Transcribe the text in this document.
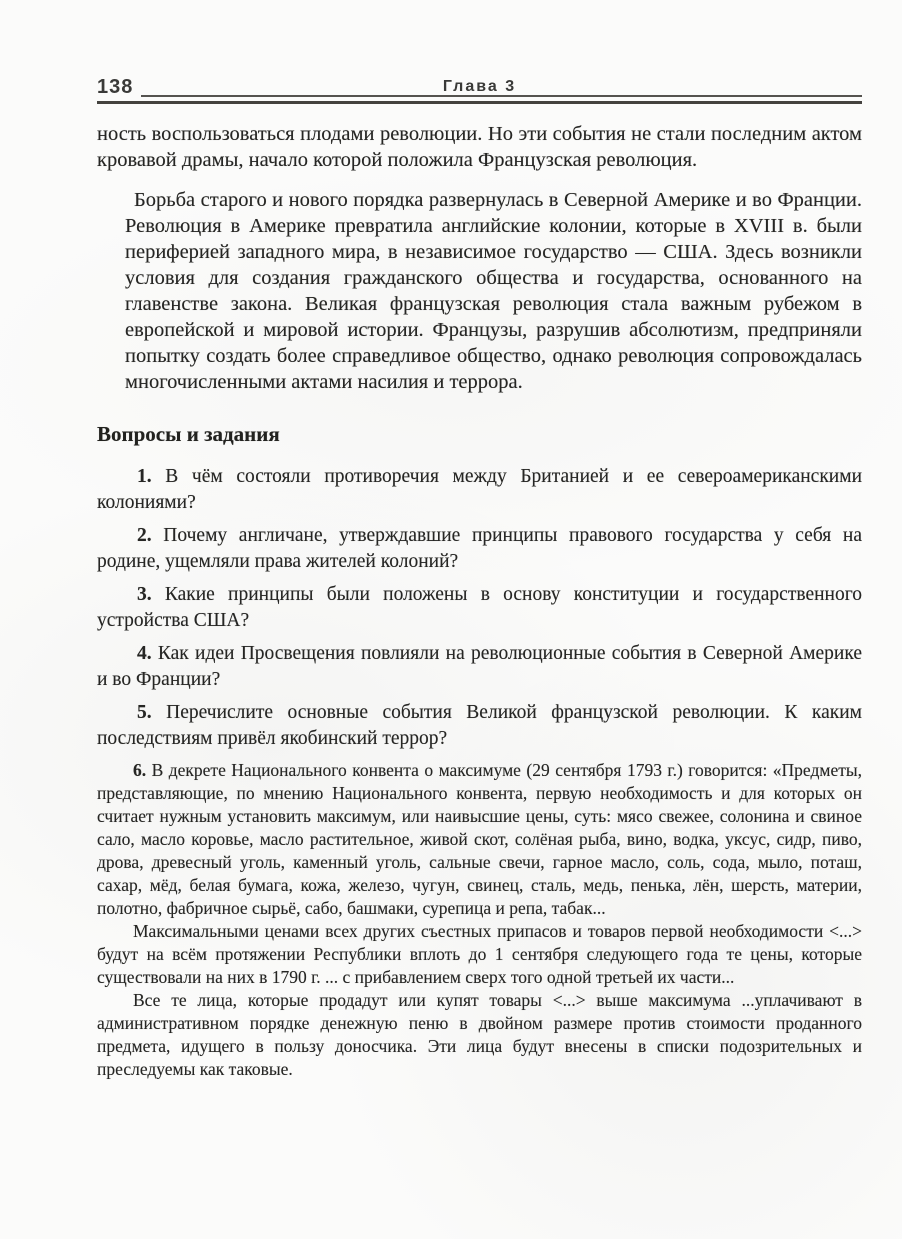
138	Глава 3

ность воспользоваться плодами революции. Но эти события не стали последним актом кровавой драмы, начало которой положила Французская революция.

Борьба старого и нового порядка развернулась в Северной Америке и во Франции. Революция в Америке превратила английские колонии, которые в XVIII в. были периферией западного мира, в независимое государство — США. Здесь возникли условия для создания гражданского общества и государства, основанного на главенстве закона. Великая французская революция стала важным рубежом в европейской и мировой истории. Французы, разрушив абсолютизм, предприняли попытку создать более справедливое общество, однако революция сопровождалась многочисленными актами насилия и террора.

Вопросы и задания

1. В чём состояли противоречия между Британией и ее североамериканскими колониями?

2. Почему англичане, утверждавшие принципы правового государства у себя на родине, ущемляли права жителей колоний?

3. Какие принципы были положены в основу конституции и государственного устройства США?

4. Как идеи Просвещения повлияли на революционные события в Северной Америке и во Франции?

5. Перечислите основные события Великой французской революции. К каким последствиям привёл якобинский террор?

6. В декрете Национального конвента о максимуме (29 сентября 1793 г.) говорится: «Предметы, представляющие, по мнению Национального конвента, первую необходимость и для которых он считает нужным установить максимум, или наивысшие цены, суть: мясо свежее, солонина и свиное сало, масло коровье, масло растительное, живой скот, солёная рыба, вино, водка, уксус, сидр, пиво, дрова, древесный уголь, каменный уголь, сальные свечи, гарное масло, соль, сода, мыло, поташ, сахар, мёд, белая бумага, кожа, железо, чугун, свинец, сталь, медь, пенька, лён, шерсть, материи, полотно, фабричное сырьё, сабо, башмаки, сурепица и репа, табак...

Максимальными ценами всех других съестных припасов и товаров первой необходимости <...> будут на всём протяжении Республики вплоть до 1 сентября следующего года те цены, которые существовали на них в 1790 г. ... с прибавлением сверх того одной третьей их части...

Все те лица, которые продадут или купят товары <...> выше максимума ...уплачивают в административном порядке денежную пеню в двойном размере против стоимости проданного предмета, идущего в пользу доносчика. Эти лица будут внесены в списки подозрительных и преследуемы как таковые.
